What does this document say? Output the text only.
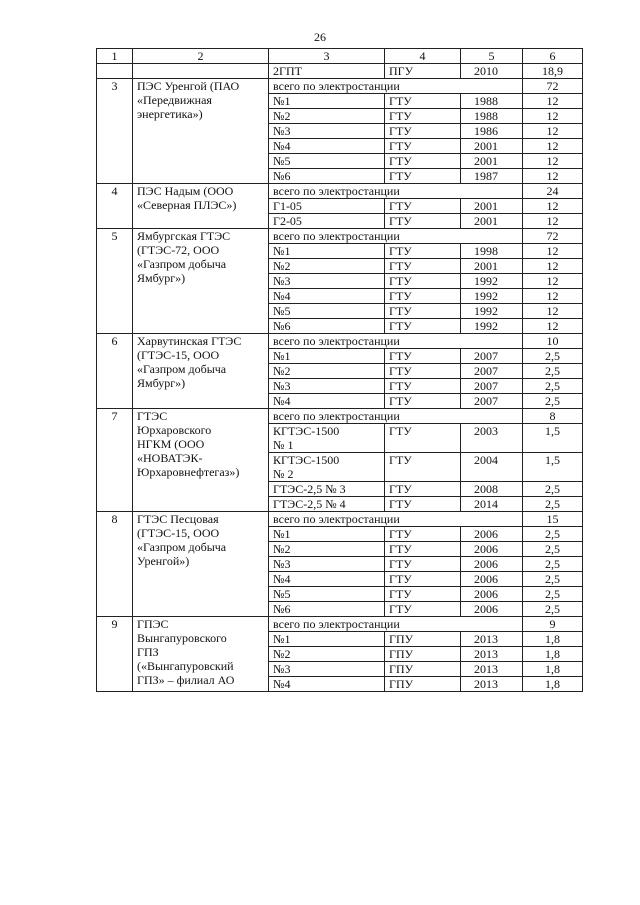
26
1	2	3	4	5	6
		2ГПТ	ПГУ	2010	18,9
3	ПЭС Уренгой (ПАО
«Передвижная
энергетика»)	всего по электростанции			72
		№1	ГТУ	1988	12
		№2	ГТУ	1988	12
		№3	ГТУ	1986	12
		№4	ГТУ	2001	12
		№5	ГТУ	2001	12
		№6	ГТУ	1987	12
4	ПЭС Надым (ООО
«Северная ПЛЭС»)	всего по электростанции			24
		Г1-05	ГТУ	2001	12
		Г2-05	ГТУ	2001	12
5	Ямбургская ГТЭС
(ГТЭС-72, ООО
«Газпром добыча
Ямбург»)	всего по электростанции			72
		№1	ГТУ	1998	12
		№2	ГТУ	2001	12
		№3	ГТУ	1992	12
		№4	ГТУ	1992	12
		№5	ГТУ	1992	12
		№6	ГТУ	1992	12
6	Харвутинская ГТЭС
(ГТЭС-15, ООО
«Газпром добыча
Ямбург»)	всего по электростанции			10
		№1	ГТУ	2007	2,5
		№2	ГТУ	2007	2,5
		№3	ГТУ	2007	2,5
		№4	ГТУ	2007	2,5
7	ГТЭС
Юрхаровского
НГКМ (ООО
«НОВАТЭК-
Юрхаровнефтегаз»)	всего по электростанции			8
		КГТЭС-1500
№ 1	ГТУ	2003	1,5
		КГТЭС-1500
№ 2	ГТУ	2004	1,5
		ГТЭС-2,5 № 3	ГТУ	2008	2,5
		ГТЭС-2,5 № 4	ГТУ	2014	2,5
8	ГТЭС Песцовая
(ГТЭС-15, ООО
«Газпром добыча
Уренгой»)	всего по электростанции			15
		№1	ГТУ	2006	2,5
		№2	ГТУ	2006	2,5
		№3	ГТУ	2006	2,5
		№4	ГТУ	2006	2,5
		№5	ГТУ	2006	2,5
		№6	ГТУ	2006	2,5
9	ГПЭС
Вынгапуровского
ГПЗ
(«Вынгапуровский
ГПЗ» – филиал АО	всего по электростанции			9
		№1	ГПУ	2013	1,8
		№2	ГПУ	2013	1,8
		№3	ГПУ	2013	1,8
		№4	ГПУ	2013	1,8
